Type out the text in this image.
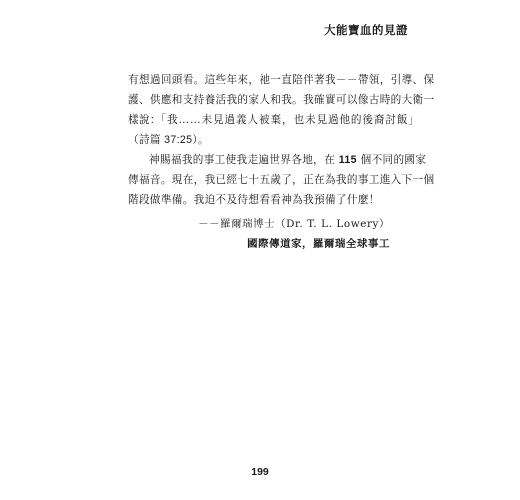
大能寶血的見證
有想過回頭看。這些年來，祂一直陪伴著我－－帶領，引導、保
護、供應和支持養活我的家人和我。我確實可以像古時的大衛一
樣說：「我……未見過義人被棄，也未見過他的後裔討飯」
（詩篇 37:25）。
神賜福我的事工使我走遍世界各地，在 115 個不同的國家
傳福音。現在，我已經七十五歲了，正在為我的事工進入下一個
階段做準備。我迫不及待想看看神為我預備了什麼！
－－羅爾瑞博士（Dr. T. L. Lowery）
國際傳道家，羅爾瑞全球事工
199
